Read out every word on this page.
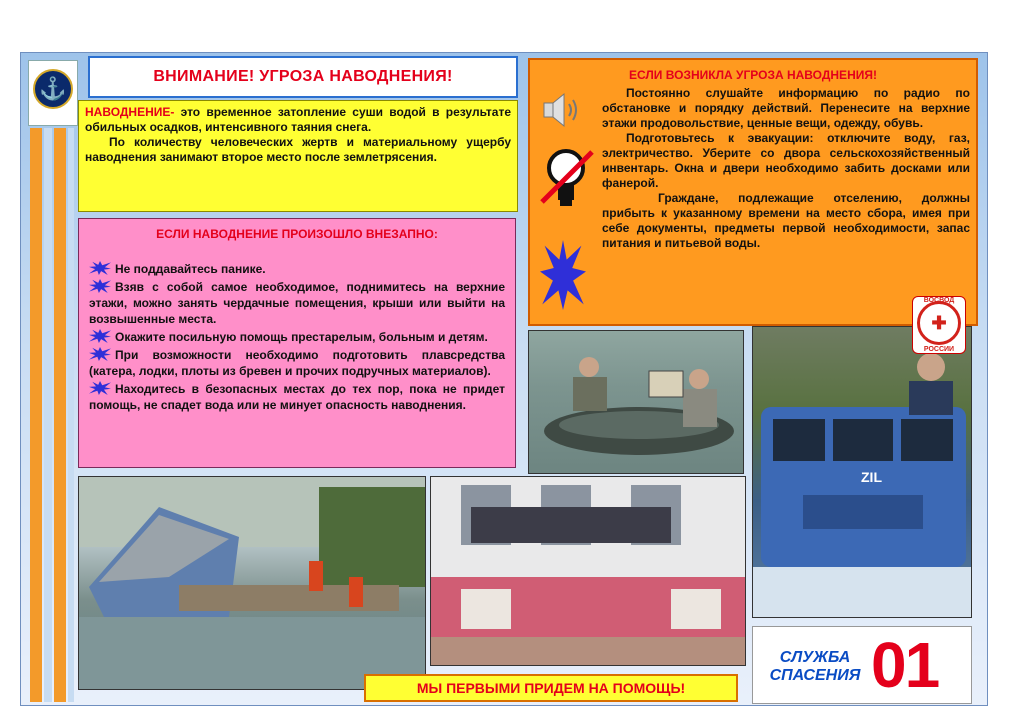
⚓	ВНИМАНИЕ! УГРОЗА НАВОДНЕНИЯ!

НАВОДНЕНИЕ- это временное затопление суши водой в результате обильных осадков, интенсивного таяния снега.

По количеству человеческих жертв и материальному ущербу наводнения занимают второе место после землетрясения.

ЕСЛИ НАВОДНЕНИЕ ПРОИЗОШЛО ВНЕЗАПНО:
Не поддавайтесь панике.
Взяв с собой самое необходимое, поднимитесь на верхние этажи, можно занять чердачные помещения, крыши или выйти на возвышенные места.
Окажите посильную помощь престарелым, больным и детям.
При возможности необходимо подготовить плавсредства (катера, лодки, плоты из бревен и прочих подручных материалов).
Находитесь в безопасных местах до тех пор, пока не придет помощь, не спадет вода или не минует опасность наводнения.
ЕСЛИ ВОЗНИКЛА УГРОЗА НАВОДНЕНИЯ!

Постоянно слушайте информацию по радио по обстановке и порядку действий. Перенесите на верхние этажи продовольствие, ценные вещи, одежду, обувь.

Подготовьтесь к эвакуации: отключите воду, газ, электричество. Уберите со двора сельскохозяйственный инвентарь. Окна и двери необходимо забить досками или фанерой.

Граждане, подлежащие отселению, должны прибыть к указанному времени на место сбора, имея при себе документы, предметы первой необходимости, запас питания и питьевой воды.

ZIL
✚
ВОСВОД
РОССИИ
СЛУЖБА СПАСЕНИЯ 01
МЫ ПЕРВЫМИ ПРИДЕМ НА ПОМОЩЬ!
